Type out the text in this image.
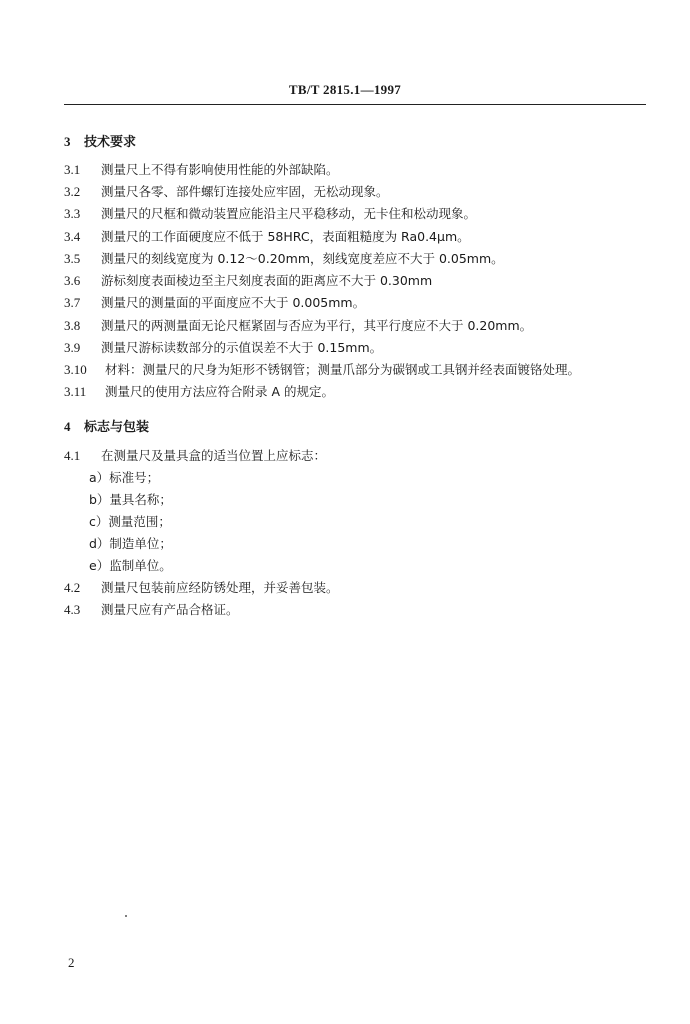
TB/T 2815.1—1997
3 技术要求
3.1 测量尺上不得有影响使用性能的外部缺陷。
3.2 测量尺各零、部件螺钉连接处应牢固，无松动现象。
3.3 测量尺的尺框和微动装置应能沿主尺平稳移动，无卡住和松动现象。
3.4 测量尺的工作面硬度应不低于 58HRC，表面粗糙度为 Ra0.4μm。
3.5 测量尺的刻线宽度为 0.12～0.20mm，刻线宽度差应不大于 0.05mm。
3.6 游标刻度表面棱边至主尺刻度表面的距离应不大于 0.30mm
3.7 测量尺的测量面的平面度应不大于 0.005mm。
3.8 测量尺的两测量面无论尺框紧固与否应为平行，其平行度应不大于 0.20mm。
3.9 测量尺游标读数部分的示值误差不大于 0.15mm。
3.10 材料：测量尺的尺身为矩形不锈钢管；测量爪部分为碳钢或工具钢并经表面镀铬处理。
3.11 测量尺的使用方法应符合附录 A 的规定。
4 标志与包装
4.1 在测量尺及量具盒的适当位置上应标志：
a）标准号；
b）量具名称；
c）测量范围；
d）制造单位；
e）监制单位。
4.2 测量尺包装前应经防锈处理，并妥善包装。
4.3 测量尺应有产品合格证。
2
